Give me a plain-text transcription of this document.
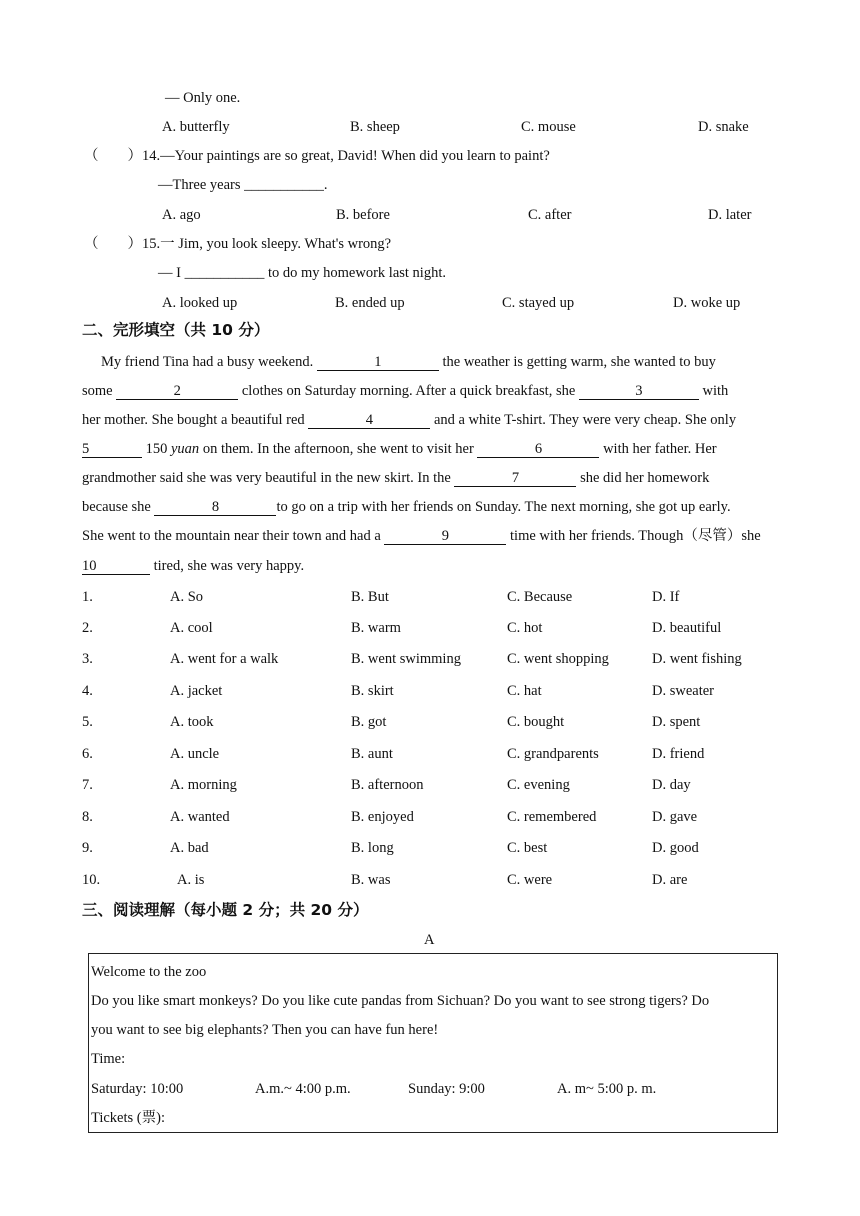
— Only one.
A. butterfly	B. sheep	C. mouse	D. snake
（　　）14.—Your paintings are so great, David! When did you learn to paint?
—Three years ___________.
A. ago	B. before	C. after	D. later
（　　）15.一 Jim, you look sleepy. What's wrong?
— I ___________ to do my homework last night.
A. looked up	B. ended up	C. stayed up	D. woke up
二、完形填空（共 10 分）
My friend Tina had a busy weekend.	1	the weather is getting warm, she wanted to buy
some	2	clothes on Saturday morning. After a quick breakfast, she	3	with
her mother. She bought a beautiful red	4	and a white T-shirt. They were very cheap. She only
5	150 yuan on them. In the afternoon, she went to visit her	6	with her father. Her
grandmother said she was very beautiful in the new skirt. In the	7	she did her homework
because she	8	to go on a trip with her friends on Sunday. The next morning, she got up early.
She went to the mountain near their town and had a	9	time with her friends. Though（尽管）she
10	tired, she was very happy.
1.	A. So	B. But	C. Because	D. If
2.	A. cool	B. warm	C. hot	D. beautiful
3.	A. went for a walk	B. went swimming	C. went shopping	D. went fishing
4.	A. jacket	B. skirt	C. hat	D. sweater
5.	A. took	B. got	C. bought	D. spent
6.	A. uncle	B. aunt	C. grandparents	D. friend
7.	A. morning	B. afternoon	C. evening	D. day
8.	A. wanted	B. enjoyed	C. remembered	D. gave
9.	A. bad	B. long	C. best	D. good
10.	A. is	B. was	C. were	D. are
三、阅读理解（每小题 2 分；共 20 分）
A
Welcome to the zoo
Do you like smart monkeys? Do you like cute pandas from Sichuan? Do you want to see strong tigers? Do
you want to see big elephants? Then you can have fun here!
Time:
Saturday: 10:00	A.m.~ 4:00 p.m.	Sunday: 9:00	A. m~ 5:00 p. m.
Tickets (票):
